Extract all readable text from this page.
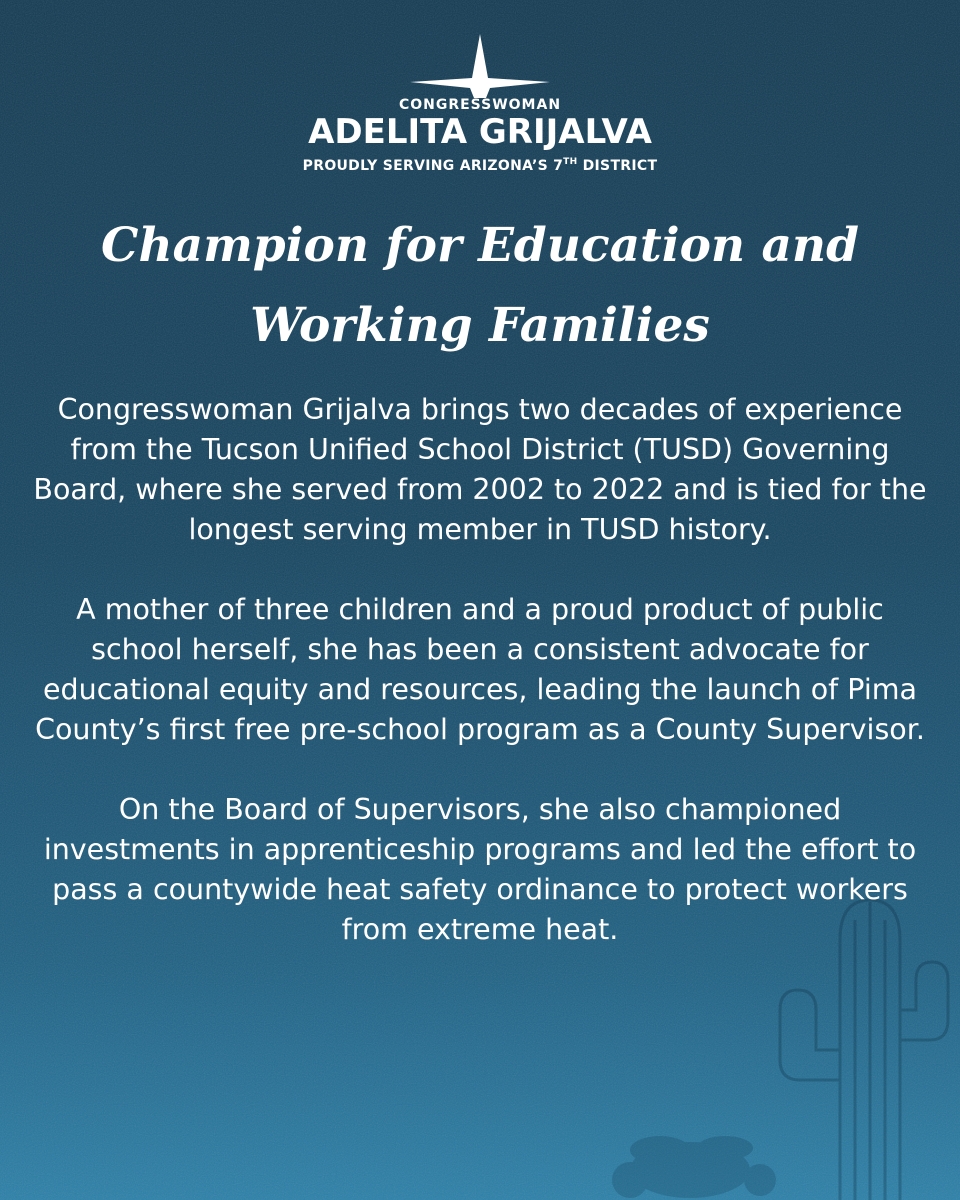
CONGRESSWOMAN
ADELITA GRIJALVA
PROUDLY SERVING ARIZONA’S 7TH DISTRICT
Champion for Education and
Working Families

Congresswoman Grijalva brings two decades of experience from the Tucson Unified School District (TUSD) Governing Board, where she served from 2002 to 2022 and is tied for the longest serving member in TUSD history.

A mother of three children and a proud product of public school herself, she has been a consistent advocate for educational equity and resources, leading the launch of Pima County’s first free pre-school program as a County Supervisor.

On the Board of Supervisors, she also championed investments in apprenticeship programs and led the effort to pass a countywide heat safety ordinance to protect workers from extreme heat.
